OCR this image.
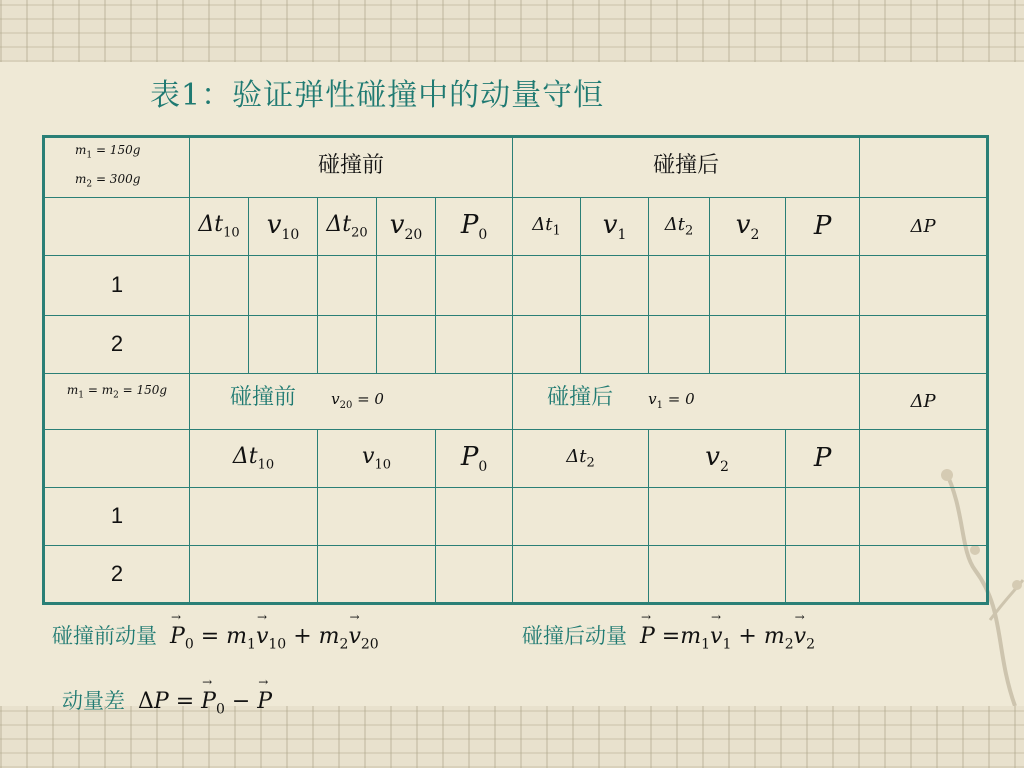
表1：验证弹性碰撞中的动量守恒
$m_1 = 150g$
$m_2 = 300g$	碰撞前					碰撞后					
	$\Delta t_{10}$	$v_{10}$	$\Delta t_{20}$	$v_{20}$	$P_0$	$\Delta t_1$	$v_1$	$\Delta t_2$	$v_2$	P	ΔP
1											
2											

$m_1 = m_2 = 150g$	碰撞前 $v_{20} = 0$					碰撞后 $v_1 = 0$					ΔP
	$\Delta t_{10}$		$v_{10}$		$P_0$	$\Delta t_2$		$v_2$		P	
1											
2											
碰撞前动量 → $P_0 = m_1\to v_{10} + m_2\to v_{20}$	碰撞后动量 → $P =m_1\to v_1 + m_2\to v_2$
动量差 ΔP = → $P_0$ − → P
